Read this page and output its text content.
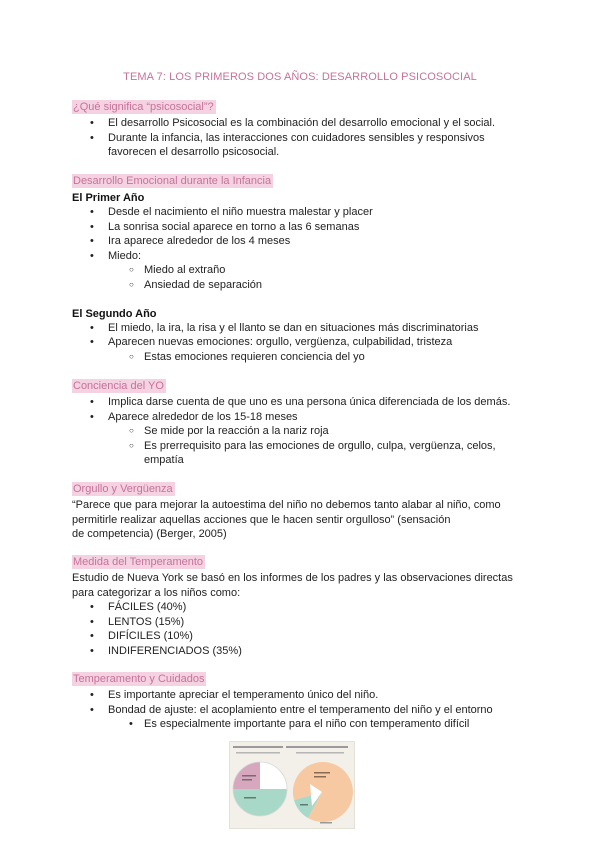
TEMA 7: LOS PRIMEROS DOS AÑOS: DESARROLLO PSICOSOCIAL
¿Qué significa “psicosocial”?
• El desarrollo Psicosocial es la combinación del desarrollo emocional y el social.
• Durante la infancia, las interacciones con cuidadores sensibles y responsivos
favorecen el desarrollo psicosocial.
Desarrollo Emocional durante la Infancia
El Primer Año
• Desde el nacimiento el niño muestra malestar y placer
• La sonrisa social aparece en torno a las 6 semanas
• Ira aparece alrededor de los 4 meses
• Miedo:
○ Miedo al extraño
○ Ansiedad de separación
El Segundo Año
• El miedo, la ira, la risa y el llanto se dan en situaciones más discriminatorias
• Aparecen nuevas emociones: orgullo, vergüenza, culpabilidad, tristeza
○ Estas emociones requieren conciencia del yo
Conciencia del YO
• Implica darse cuenta de que uno es una persona única diferenciada de los demás.
• Aparece alrededor de los 15-18 meses
○ Se mide por la reacción a la nariz roja
○ Es prerrequisito para las emociones de orgullo, culpa, vergüenza, celos,
empatía
Orgullo y Vergüenza
“Parece que para mejorar la autoestima del niño no debemos tanto alabar al niño, como
permitirle realizar aquellas acciones que le hacen sentir orgulloso” (sensación
de competencia) (Berger, 2005)
Medida del Temperamento
Estudio de Nueva York se basó en los informes de los padres y las observaciones directas
para categorizar a los niños como:
• FÁCILES (40%)
• LENTOS (15%)
• DIFÍCILES (10%)
• INDIFERENCIADOS (35%)
Temperamento y Cuidados
• Es importante apreciar el temperamento único del niño.
• Bondad de ajuste: el acoplamiento entre el temperamento del niño y el entorno
• Es especialmente importante para el niño con temperamento difícil
